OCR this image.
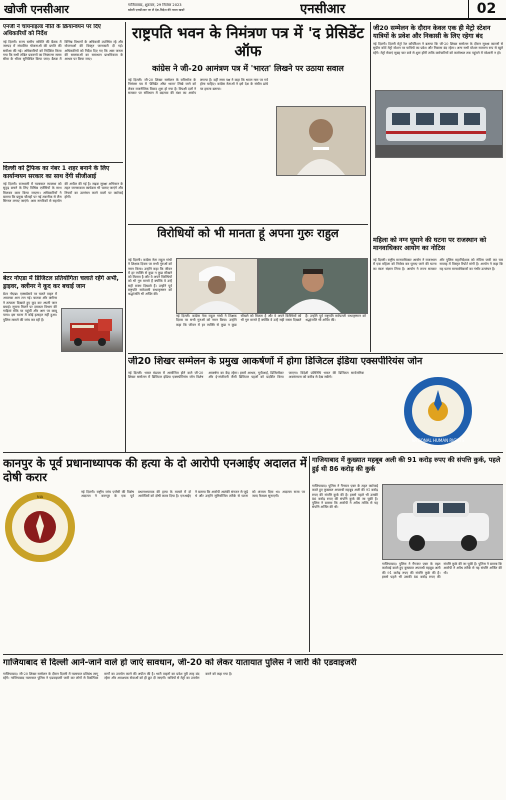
खोजी एनसीआर	गाजियाबाद, शुक्रवार, 29 सितंबर 2023
खोजी एनसीआर पर लें देश-विदेश की ताजा खबरें	एनसीआर	02
एनजी ने चायनाइल्ड नीति के क्रियान्वयन पर दिए अधिकारियों को निर्देश
नई दिल्ली। राज्य स्तरीय समिति की बैठक में जनपद में संचालित योजनाओं की प्रगति की समीक्षा की गई। अधिकारियों को निर्देशित किया गया कि सभी लंबित प्रकरणों का निस्तारण समय सीमा के भीतर सुनिश्चित किया जाए। बैठक में विभिन्न विभागों के अधिकारी उपस्थित रहे और योजनाओं की विस्तृत जानकारी दी गई। अधिकारियों को निर्देश दिए गए कि आम जनता की समस्याओं का समाधान प्राथमिकता के आधार पर किया जाए।
दिल्ली को ट्रैफिक का नंबर 1 शहर बनाने के लिए कार्यान्वयन सरकार का साथ देंगी सीजीआई
नई दिल्ली। राजधानी में यातायात व्यवस्था को सुदृढ़ बनाने के लिए विभिन्न एजेंसियों के साथ मिलकर काम किया जाएगा। अधिकारियों ने बताया कि प्रमुख चौराहों पर नई तकनीक से लैस सिग्नल लगाए जाएंगे। आम नागरिकों से सहयोग की अपील की गई है। सड़क सुरक्षा अभियान के तहत जागरूकता कार्यक्रम भी चलाए जाएंगे और नियमों का उल्लंघन करने वालों पर कार्रवाई होगी।
बेटर नोएडा में डिजिटल प्रतियोगिता चलाते रहेंगे अभी, ड्राइवर, क्लीनर ने कूद कर बचाई जान
ग्रेटर नोएडा। एक्सप्रेसवे पर चलते वाहन में अचानक आग लग गई। चालक और क्लीनर ने तत्परता दिखाते हुए कूद कर अपनी जान बचाई। सूचना मिलने पर दमकल विभाग की गाड़ियां मौके पर पहुंचीं और आग पर काबू पाया। इस घटना में कोई हताहत नहीं हुआ। पुलिस मामले की जांच कर रही है।
राष्ट्रपति भवन के निमंत्रण पत्र में 'द प्रेसिडेंट ऑफ
कांग्रेस ने जी-20 आमंत्रण पत्र में 'भारत' लिखने पर उठाया सवाल
नई दिल्ली। जी-20 शिखर सम्मेलन के रात्रिभोज के निमंत्रण पत्र में 'प्रेसिडेंट ऑफ भारत' लिखे जाने को लेकर राजनीतिक विवाद शुरू हो गया है। विपक्षी दलों ने सरकार पर संविधान में बदलाव की मंशा का आरोप लगाया है। वहीं सत्ता पक्ष ने कहा कि भारत नाम पर गर्व होना चाहिए। कांग्रेस नेताओं ने इसे देश के संघीय ढांचे पर हमला बताया।
जी20 सम्मेलन के दौरान केवल एक ही मेट्रो स्टेशन यात्रियों के प्रवेश और निकासी के लिए रहेगा बंद
नई दिल्ली। दिल्ली मेट्रो रेल कॉर्पोरेशन ने बताया कि जी-20 शिखर सम्मेलन के दौरान सुरक्षा कारणों से सुप्रीम कोर्ट मेट्रो स्टेशन पर यात्रियों का प्रवेश और निकास बंद रहेगा। अन्य सभी स्टेशन सामान्य रूप से खुले रहेंगे। मेट्रो सेवाएं सुबह चार बजे से शुरू होंगी ताकि कर्मचारियों को कार्यस्थल तक पहुंचने में परेशानी न हो।
विरोधियों को भी मानता हूं अपना गुरुः राहुल
नई दिल्ली। कांग्रेस नेता राहुल गांधी ने शिक्षक दिवस पर सभी गुरुओं को नमन किया। उन्होंने कहा कि जीवन में हर व्यक्ति से कुछ न कुछ सीखने को मिलता है और वे अपने विरोधियों को भी गुरु मानते हैं क्योंकि वे उन्हें सही रास्ता दिखाते हैं। उन्होंने पूर्व राष्ट्रपति सर्वपल्ली राधाकृष्णन को श्रद्धांजलि भी अर्पित की।
नई दिल्ली। कांग्रेस नेता राहुल गांधी ने शिक्षक दिवस पर सभी गुरुओं को नमन किया। उन्होंने कहा कि जीवन में हर व्यक्ति से कुछ न कुछ सीखने को मिलता है और वे अपने विरोधियों को भी गुरु मानते हैं क्योंकि वे उन्हें सही रास्ता दिखाते हैं। उन्होंने पूर्व राष्ट्रपति सर्वपल्ली राधाकृष्णन को श्रद्धांजलि भी अर्पित की।
महिला को नग्न घुमाने की घटना पर राजस्थान को मानवाधिकार आयोग का नोटिस
नई दिल्ली। राष्ट्रीय मानवाधिकार आयोग ने राजस्थान में एक महिला को निर्वस्त्र कर घुमाए जाने की घटना का स्वतः संज्ञान लिया है। आयोग ने राज्य सरकार और पुलिस महानिदेशक को नोटिस जारी कर चार सप्ताह में विस्तृत रिपोर्ट मांगी है। आयोग ने कहा कि यह घटना मानवाधिकारों का गंभीर उल्लंघन है।
जी20 शिखर सम्मेलन के प्रमुख आकर्षणों में होगा डिजिटल इंडिया एक्सपीरियंस जोन
नई दिल्ली। भारत मंडपम में आयोजित होने वाले जी-20 शिखर सम्मेलन में डिजिटल इंडिया एक्सपीरियंस जोन विशेष आकर्षण का केंद्र रहेगा। इसमें आधार, यूपीआई, डिजिलॉकर और ई-संजीवनी जैसी डिजिटल पहलों को प्रदर्शित किया जाएगा। विदेशी प्रतिनिधि भारत की डिजिटल सार्वजनिक अवसंरचना को करीब से देख सकेंगे।
NATIONAL HUMAN RIGHTS
कानपुर के पूर्व प्रधानाध्यापक की हत्या के दो आरोपी एनआईए अदालत में दोषी करार
NIA
नई दिल्ली। राष्ट्रीय जांच एजेंसी की विशेष अदालत ने कानपुर के एक पूर्व प्रधानाध्यापक की हत्या के मामले में दो आरोपियों को दोषी करार दिया है। एनआईए ने बताया कि आरोपी आतंकी संगठन से जुड़े थे और उन्होंने सुनियोजित तरीके से घटना को अंजाम दिया था। अदालत सजा पर जल्द फैसला सुनाएगी।
गाजियाबाद में कुख्यात महबूब अली की 91 करोड़ रुपए की संपत्ति कुर्क, पहले हुई थी 86 करोड़ की कुर्क
गाजियाबाद। पुलिस ने गैंगस्टर एक्ट के तहत कार्रवाई करते हुए कुख्यात अपराधी महबूब अली की 91 करोड़ रुपए की संपत्ति कुर्क की है। इससे पहले भी उसकी 86 करोड़ रुपए की संपत्ति कुर्क की जा चुकी है। पुलिस ने बताया कि आरोपी ने अवैध तरीके से यह संपत्ति अर्जित की थी।
गाजियाबाद। पुलिस ने गैंगस्टर एक्ट के तहत कार्रवाई करते हुए कुख्यात अपराधी महबूब अली की 91 करोड़ रुपए की संपत्ति कुर्क की है। इससे पहले भी उसकी 86 करोड़ रुपए की संपत्ति कुर्क की जा चुकी है। पुलिस ने बताया कि आरोपी ने अवैध तरीके से यह संपत्ति अर्जित की थी।
गाजियाबाद से दिल्ली आने-जाने वाले हो जाएं सावधान, जी-20 को लेकर यातायात पुलिस ने जारी की एडवाइजरी
गाजियाबाद। जी-20 शिखर सम्मेलन के दौरान दिल्ली में यातायात प्रतिबंध लागू रहेंगे। गाजियाबाद यातायात पुलिस ने एडवाइजरी जारी कर लोगों से वैकल्पिक मार्गों का उपयोग करने की अपील की है। भारी वाहनों का प्रवेश पूरी तरह बंद रहेगा और आवश्यक सेवाओं को ही छूट दी जाएगी। यात्रियों से मेट्रो का उपयोग करने को कहा गया है।
